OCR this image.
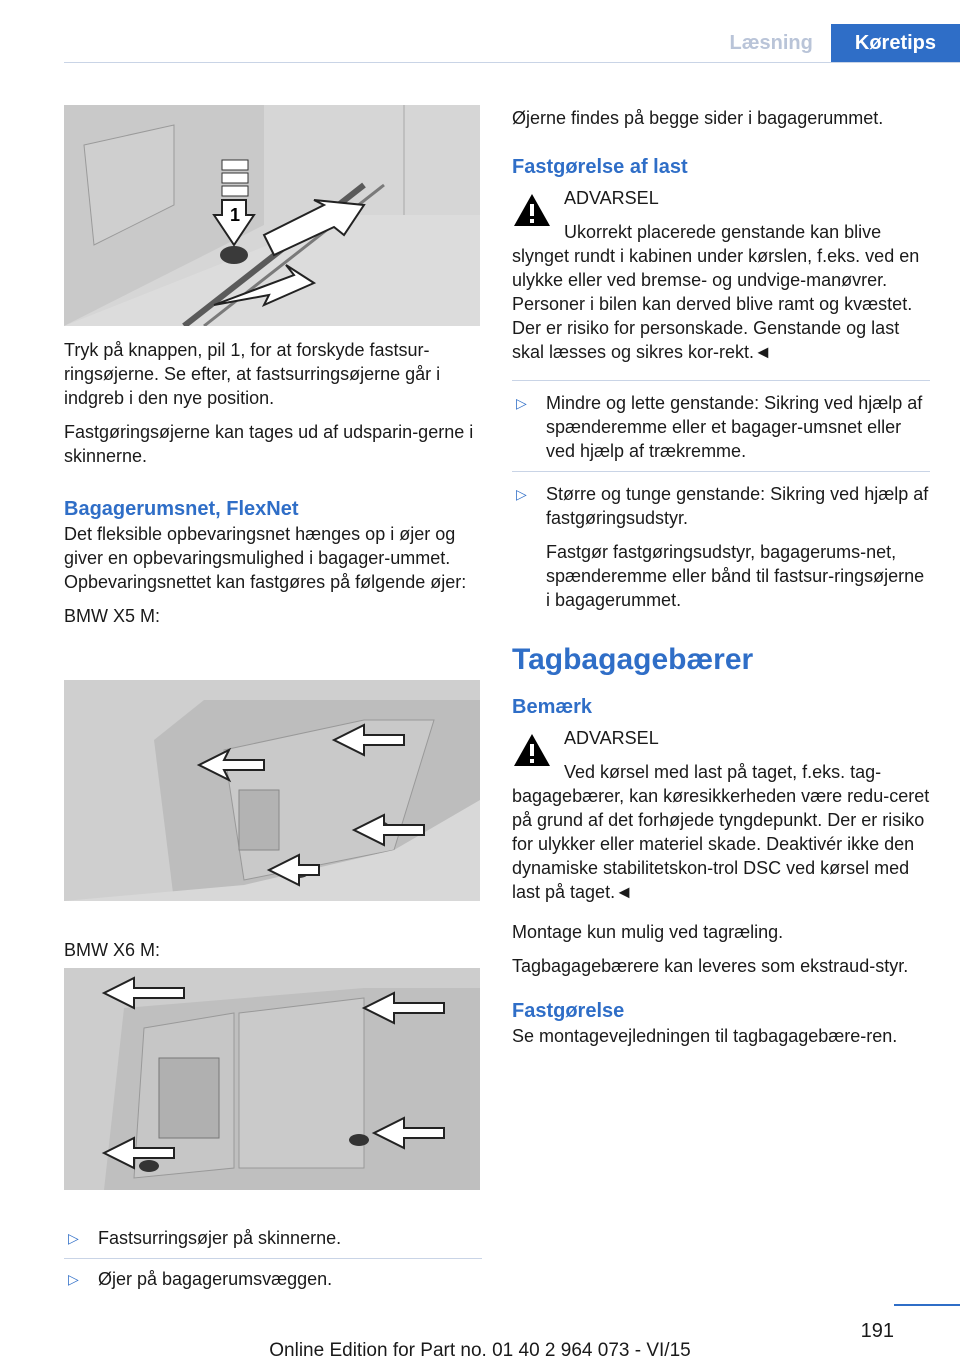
Læsning	Køretips
1

Tryk på knappen, pil 1, for at forskyde fastsur-ringsøjerne. Se efter, at fastsurringsøjerne går i indgreb i den nye position.

Fastgøringsøjerne kan tages ud af udsparin-gerne i skinnerne.

Bagagerumsnet, FlexNet

Det fleksible opbevaringsnet hænges op i øjer og giver en opbevaringsmulighed i bagager-ummet. Opbevaringsnettet kan fastgøres på følgende øjer:

BMW X5 M:

BMW X6 M:

▷ Fastsurringsøjer på skinnerne.
▷ Øjer på bagagerumsvæggen.

Øjerne findes på begge sider i bagagerummet.

Fastgørelse af last

ADVARSEL

Ukorrekt placerede genstande kan blive slynget rundt i kabinen under kørslen, f.eks. ved en ulykke eller ved bremse- og undvige-manøvrer. Personer i bilen kan derved blive ramt og kvæstet. Der er risiko for personskade. Genstande og last skal læsses og sikres kor-rekt.◄

▷ Mindre og lette genstande: Sikring ved hjælp af spænderemme eller et bagager-umsnet eller ved hjælp af trækremme.
▷ Større og tunge genstande: Sikring ved hjælp af fastgøringsudstyr.

Fastgør fastgøringsudstyr, bagagerums-net, spænderemme eller bånd til fastsur-ringsøjerne i bagagerummet.

Tagbagagebærer

Bemærk

ADVARSEL

Ved kørsel med last på taget, f.eks. tag-bagagebærer, kan køresikkerheden være redu-ceret på grund af det forhøjede tyngdepunkt. Der er risiko for ulykker eller materiel skade. Deaktivér ikke den dynamiske stabilitetskon-trol DSC ved kørsel med last på taget.◄

Montage kun mulig ved tagræling.

Tagbagagebærere kan leveres som ekstraud-styr.

Fastgørelse

Se montagevejledningen til tagbagagebære-ren.

191
Online Edition for Part no. 01 40 2 964 073 - VI/15
